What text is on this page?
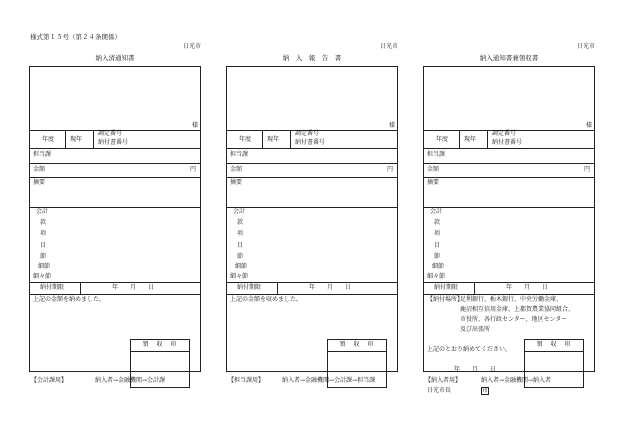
様式第１５号（第２４条関係）
日光市
納入済通知書
様
年度	現年
調定番号
納付書番号
担当課
金額	円
摘要
会計
款
項
目
節
細節
細々節
納付期限	年　　月　　日
上記の金額を納めました。
領　収　印
【会計課用】	納入者→金融機関→会計課
日光市
納　入　報　告　書
様
年度	現年
調定番号
納付書番号
担当課
金額	円
摘要
会計
款
項
目
節
細節
細々節
納付期限	年　　月　　日
上記の金額を収めました。
領　収　印
【担当課用】	納入者→金融機関→会計課→担当課
日光市
納入通知書兼領収書
様
年度	現年
調定番号
納付書番号
担当課
金額	円
摘要
会計
款
項
目
節
細節
細々節
納付期限	年　　月　　日
【納付場所】
足利銀行、栃木銀行、中央労働金庫、
鹿沼相互信用金庫、上都賀農業協同組合、
市役所、各行政センター、地区センター
及び出張所
上記のとおり納めてください。
年　　月　　日
日光市長	印
領　収　印
【納入者用】	納入者→金融機関→納入者
